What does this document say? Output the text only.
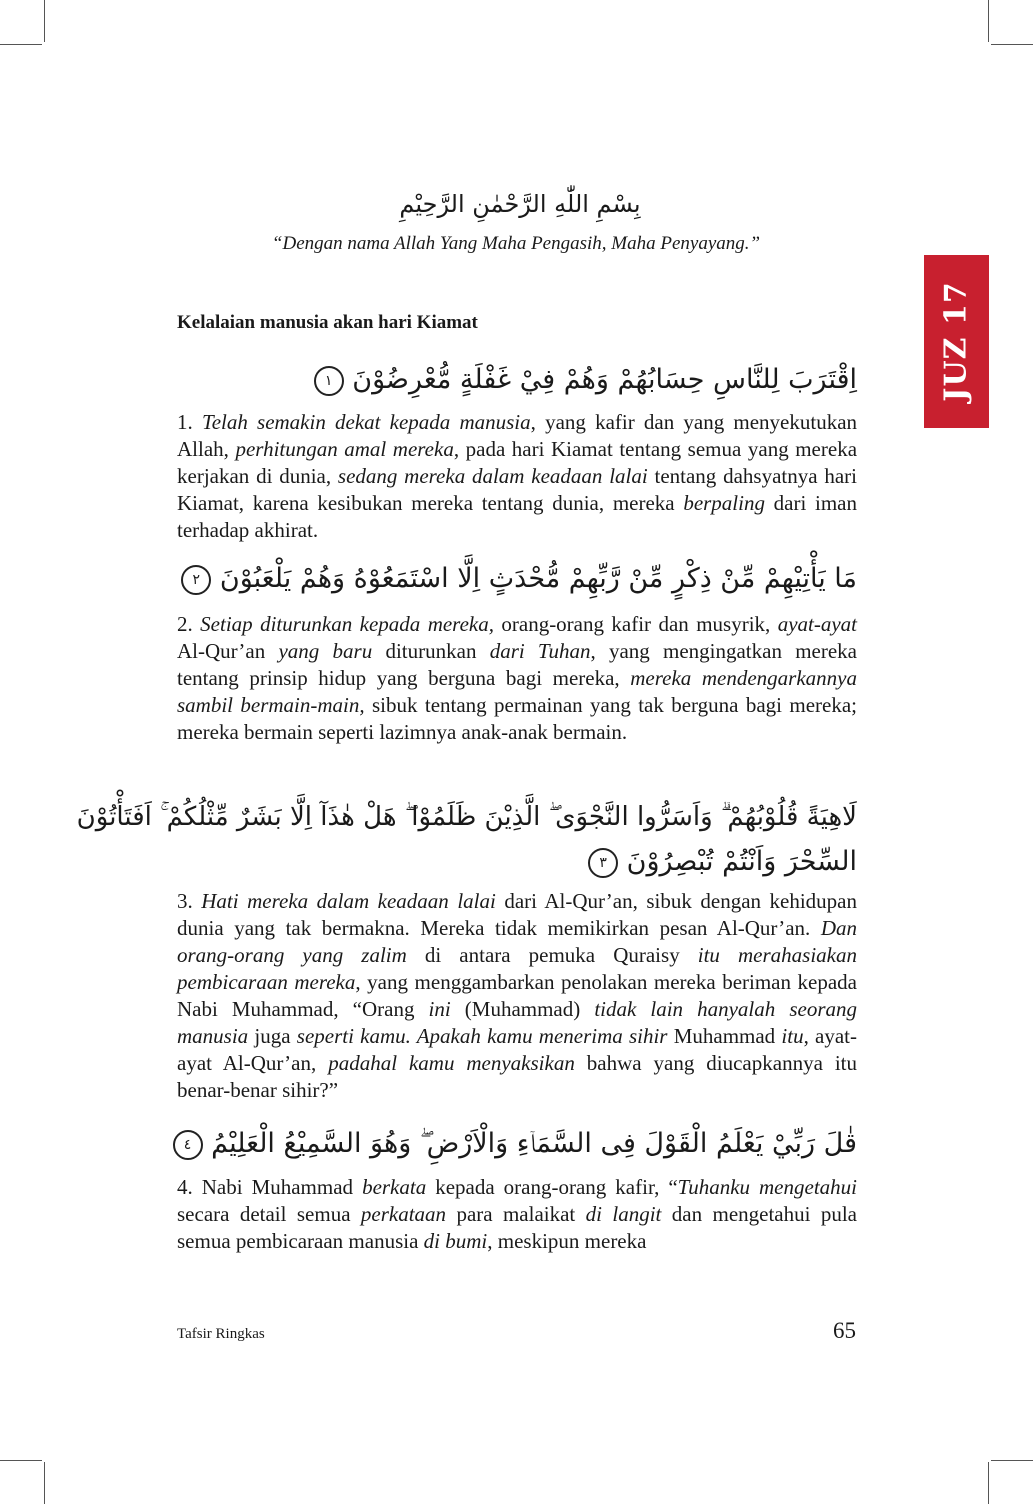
JUZ 17
بِسْمِ اللّٰهِ الرَّحْمٰنِ الرَّحِيْمِ
“Dengan nama Allah Yang Maha Pengasih, Maha Penyayang.”
Kelalaian manusia akan hari Kiamat
اِقْتَرَبَ لِلنَّاسِ حِسَابُهُمْ وَهُمْ فِيْ غَفْلَةٍ مُّعْرِضُوْنَ ١

1. Telah semakin dekat kepada manusia, yang kafir dan yang menyekutukan Allah, perhitungan amal mereka, pada hari Kiamat tentang semua yang mereka kerjakan di dunia, sedang mereka dalam keadaan lalai tentang dahsyatnya hari Kiamat, karena kesibukan mereka tentang dunia, mereka berpaling dari iman terhadap akhirat.

مَا يَأْتِيْهِمْ مِّنْ ذِكْرٍ مِّنْ رَّبِّهِمْ مُّحْدَثٍ اِلَّا اسْتَمَعُوْهُ وَهُمْ يَلْعَبُوْنَ ٢

2. Setiap diturunkan kepada mereka, orang-orang kafir dan musyrik, ayat-ayat Al-Qur’an yang baru diturunkan dari Tuhan, yang mengingatkan mereka tentang prinsip hidup yang berguna bagi mereka, mereka mendengarkannya sambil bermain-main, sibuk tentang permainan yang tak berguna bagi mereka; mereka bermain seperti lazimnya anak-anak bermain.

لَاهِيَةً قُلُوْبُهُمْ ۗ وَاَسَرُّوا النَّجْوَى ۖ الَّذِيْنَ ظَلَمُوْا ۖ هَلْ هٰذَآ اِلَّا بَشَرٌ مِّثْلُكُمْ ۚ اَفَتَأْتُوْنَ
السِّحْرَ وَاَنْتُمْ تُبْصِرُوْنَ ٣

3. Hati mereka dalam keadaan lalai dari Al-Qur’an, sibuk dengan kehidupan dunia yang tak bermakna. Mereka tidak memikirkan pesan Al-Qur’an. Dan orang-orang yang zalim di antara pemuka Quraisy itu merahasiakan pembicaraan mereka, yang menggambarkan penolakan mereka beriman kepada Nabi Muhammad, “Orang ini (Muhammad) tidak lain hanyalah seorang manusia juga seperti kamu. Apakah kamu menerima sihir Muhammad itu, ayat-ayat Al-Qur’an, padahal kamu menyaksikan bahwa yang diucapkannya itu benar-benar sihir?”

قٰلَ رَبِّيْ يَعْلَمُ الْقَوْلَ فِى السَّمَاۤءِ وَالْاَرْضِ ۖ وَهُوَ السَّمِيْعُ الْعَلِيْمُ ٤

4. Nabi Muhammad berkata kepada orang-orang kafir, “Tuhanku mengetahui secara detail semua perkataan para malaikat di langit dan mengetahui pula semua pembicaraan manusia di bumi, meskipun mereka

Tafsir Ringkas	65
